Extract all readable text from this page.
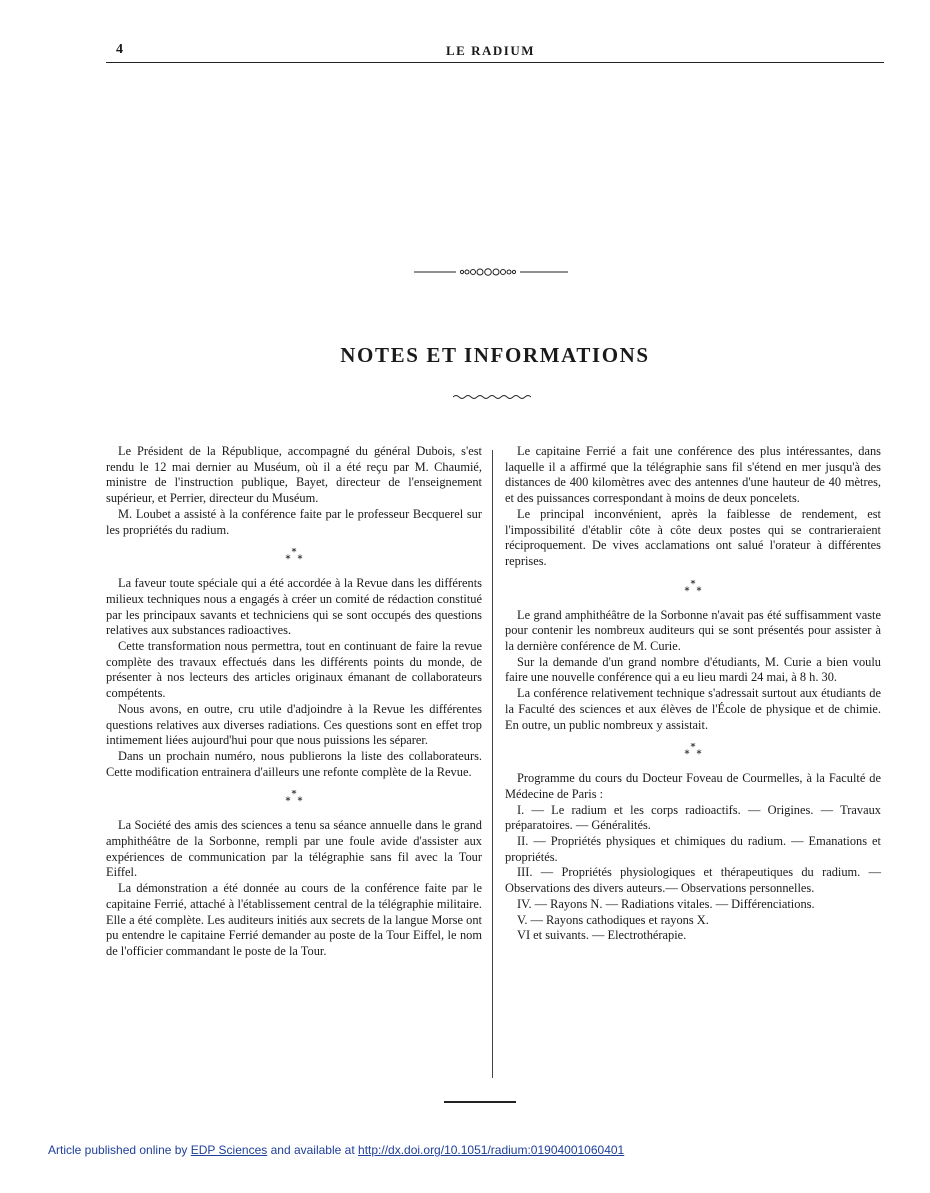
4	LE RADIUM
NOTES ET INFORMATIONS

Le Président de la République, accompagné du général Dubois, s'est rendu le 12 mai dernier au Muséum, où il a été reçu par M. Chaumié, ministre de l'instruction publique, Bayet, directeur de l'enseignement supérieur, et Perrier, directeur du Muséum.

M. Loubet a assisté à la conférence faite par le professeur Becquerel sur les propriétés du radium.

*
* *

La faveur toute spéciale qui a été accordée à la Revue dans les différents milieux techniques nous a engagés à créer un comité de rédaction constitué par les principaux savants et techniciens qui se sont occupés des questions relatives aux substances radioactives.

Cette transformation nous permettra, tout en continuant de faire la revue complète des travaux effectués dans les différents points du monde, de présenter à nos lecteurs des articles originaux émanant de collaborateurs compétents.

Nous avons, en outre, cru utile d'adjoindre à la Revue les différentes questions relatives aux diverses radiations. Ces questions sont en effet trop intimement liées aujourd'hui pour que nous puissions les séparer.

Dans un prochain numéro, nous publierons la liste des collaborateurs. Cette modification entrainera d'ailleurs une refonte complète de la Revue.

*
* *

La Société des amis des sciences a tenu sa séance annuelle dans le grand amphithéâtre de la Sorbonne, rempli par une foule avide d'assister aux expériences de communication par la télégraphie sans fil avec la Tour Eiffel.

La démonstration a été donnée au cours de la conférence faite par le capitaine Ferrié, attaché à l'établissement central de la télégraphie militaire. Elle a été complète. Les auditeurs initiés aux secrets de la langue Morse ont pu entendre le capitaine Ferrié demander au poste de la Tour Eiffel, le nom de l'officier commandant le poste de la Tour.

Le capitaine Ferrié a fait une conférence des plus intéressantes, dans laquelle il a affirmé que la télégraphie sans fil s'étend en mer jusqu'à des distances de 400 kilomètres avec des antennes d'une hauteur de 40 mètres, et des puissances correspondant à moins de deux poncelets.

Le principal inconvénient, après la faiblesse de rendement, est l'impossibilité d'établir côte à côte deux postes qui se contrarieraient réciproquement. De vives acclamations ont salué l'orateur à différentes reprises.

*
* *

Le grand amphithéâtre de la Sorbonne n'avait pas été suffisamment vaste pour contenir les nombreux auditeurs qui se sont présentés pour assister à la dernière conférence de M. Curie.

Sur la demande d'un grand nombre d'étudiants, M. Curie a bien voulu faire une nouvelle conférence qui a eu lieu mardi 24 mai, à 8 h. 30.

La conférence relativement technique s'adressait surtout aux étudiants de la Faculté des sciences et aux élèves de l'École de physique et de chimie. En outre, un public nombreux y assistait.

*
* *

Programme du cours du Docteur Foveau de Courmelles, à la Faculté de Médecine de Paris :

I. — Le radium et les corps radioactifs. — Origines. — Travaux préparatoires. — Généralités.

II. — Propriétés physiques et chimiques du radium. — Emanations et propriétés.

III. — Propriétés physiologiques et thérapeutiques du radium. — Observations des divers auteurs.— Observations personnelles.

IV. — Rayons N. — Radiations vitales. — Différenciations.

V. — Rayons cathodiques et rayons X.

VI et suivants. — Electrothérapie.

Article published online by EDP Sciences and available at http://dx.doi.org/10.1051/radium:01904001060401
